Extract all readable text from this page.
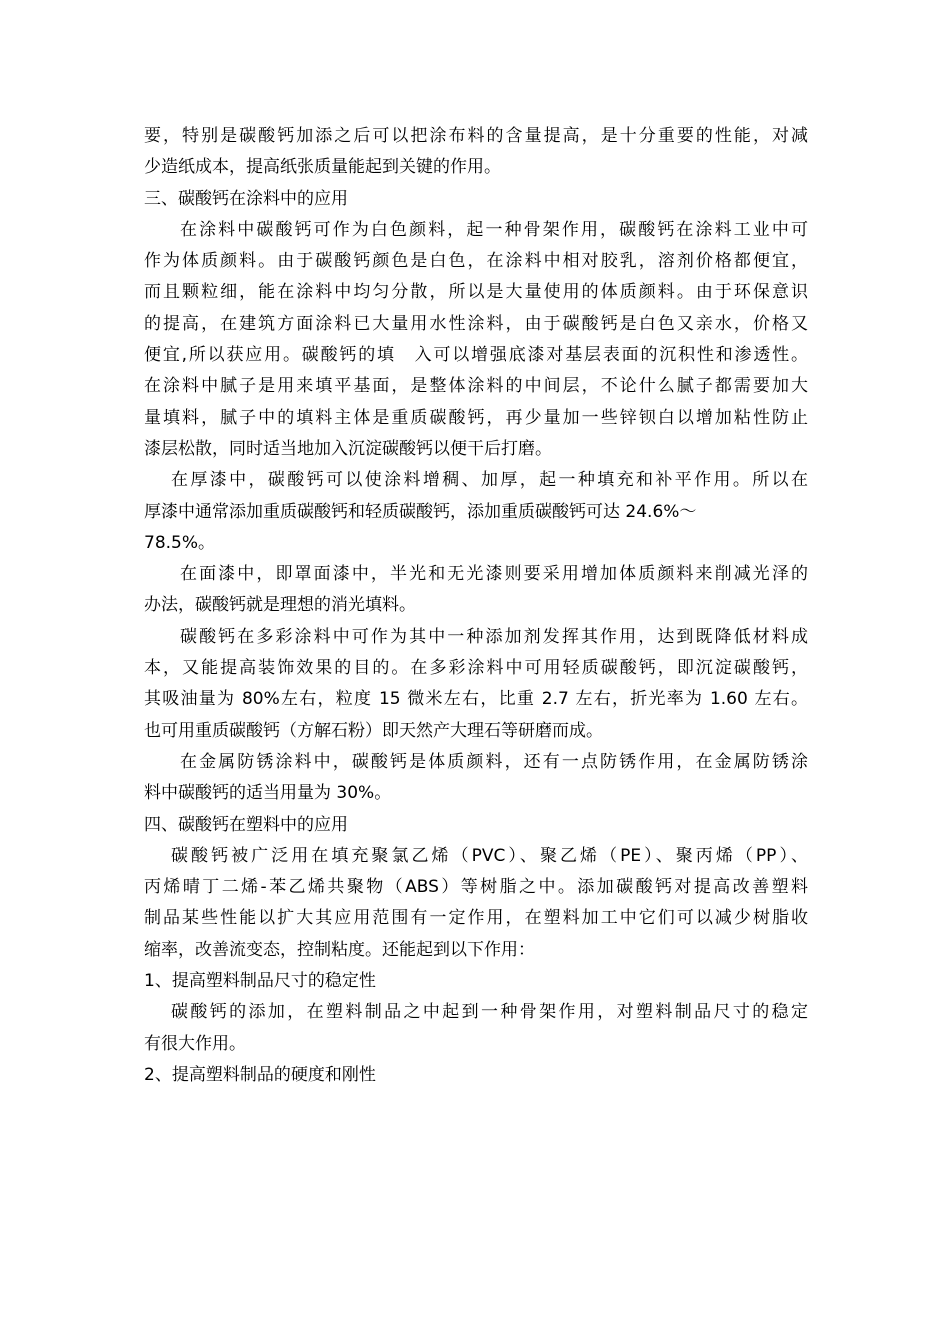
要，特别是碳酸钙加添之后可以把涂布料的含量提高，是十分重要的性能，对减
少造纸成本，提高纸张质量能起到关键的作用。
三、碳酸钙在涂料中的应用
在涂料中碳酸钙可作为白色颜料，起一种骨架作用，碳酸钙在涂料工业中可
作为体质颜料。由于碳酸钙颜色是白色，在涂料中相对胶乳，溶剂价格都便宜，
而且颗粒细，能在涂料中均匀分散，所以是大量使用的体质颜料。由于环保意识
的提高，在建筑方面涂料已大量用水性涂料，由于碳酸钙是白色又亲水，价格又
便宜,所以获应用。碳酸钙的填　入可以增强底漆对基层表面的沉积性和渗透性。
在涂料中腻子是用来填平基面，是整体涂料的中间层，不论什么腻子都需要加大
量填料，腻子中的填料主体是重质碳酸钙，再少量加一些锌钡白以增加粘性防止
漆层松散，同时适当地加入沉淀碳酸钙以便干后打磨。
在厚漆中，碳酸钙可以使涂料增稠、加厚，起一种填充和补平作用。所以在
厚漆中通常添加重质碳酸钙和轻质碳酸钙，添加重质碳酸钙可达 24.6%～
78.5%。
在面漆中，即罩面漆中，半光和无光漆则要采用增加体质颜料来削减光泽的
办法，碳酸钙就是理想的消光填料。
碳酸钙在多彩涂料中可作为其中一种添加剂发挥其作用，达到既降低材料成
本，又能提高装饰效果的目的。在多彩涂料中可用轻质碳酸钙，即沉淀碳酸钙，
其吸油量为 80%左右，粒度 15 微米左右，比重 2.7 左右，折光率为 1.60 左右。
也可用重质碳酸钙（方解石粉）即天然产大理石等研磨而成。
在金属防锈涂料中，碳酸钙是体质颜料，还有一点防锈作用，在金属防锈涂
料中碳酸钙的适当用量为 30%。
四、碳酸钙在塑料中的应用
碳酸钙被广泛用在填充聚氯乙烯（PVC）、聚乙烯（PE）、聚丙烯（PP）、
丙烯晴丁二烯-苯乙烯共聚物（ABS）等树脂之中。添加碳酸钙对提高改善塑料
制品某些性能以扩大其应用范围有一定作用，在塑料加工中它们可以减少树脂收
缩率，改善流变态，控制粘度。还能起到以下作用：
1、提高塑料制品尺寸的稳定性
碳酸钙的添加，在塑料制品之中起到一种骨架作用，对塑料制品尺寸的稳定
有很大作用。
2、提高塑料制品的硬度和刚性
